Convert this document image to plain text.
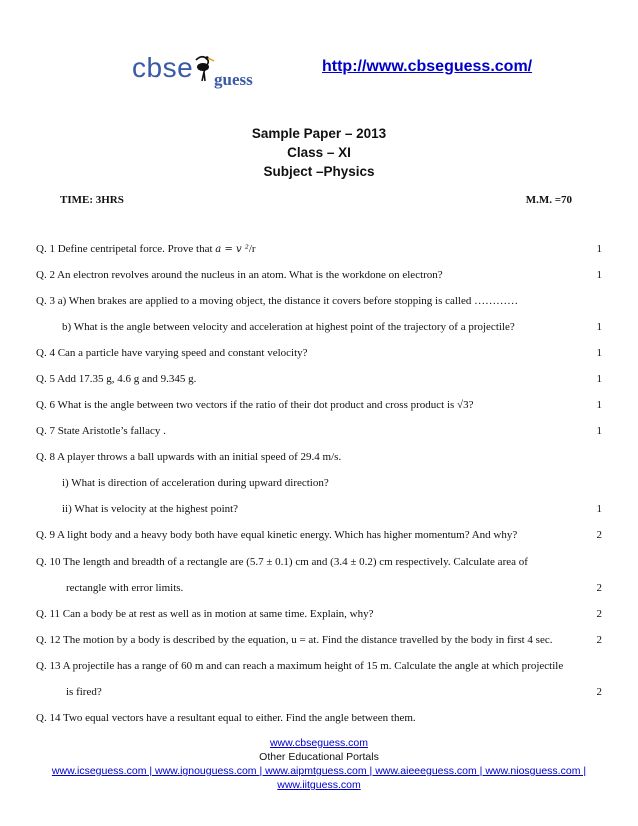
cbse guess
http://www.cbseguess.com/
Sample Paper – 2013
Class – XI
Subject –Physics
TIME: 3HRS	M.M. =70
Q. 1 Define centripetal force. Prove that a = v ²/r	1
Q. 2 An electron revolves around the nucleus in an atom. What is the workdone on electron?	1
Q. 3 a) When brakes are applied to a moving object, the distance it covers before stopping is called …………
b) What is the angle between velocity and acceleration at highest point of the trajectory of a projectile?	1
Q. 4 Can a particle have varying speed and constant velocity?	1
Q. 5 Add 17.35 g, 4.6 g and 9.345 g.	1
Q. 6 What is the angle between two vectors if the ratio of their dot product and cross product is √3?	1
Q. 7 State Aristotle’s fallacy .	1
Q. 8 A player throws a ball upwards with an initial speed of 29.4 m/s.
i) What is direction of acceleration during upward direction?
ii) What is velocity at the highest point?	1
Q. 9 A light body and a heavy body both have equal kinetic energy. Which has higher momentum? And why?	2
Q. 10 The length and breadth of a rectangle are (5.7 ± 0.1) cm and (3.4 ± 0.2) cm respectively. Calculate area of
rectangle with error limits.	2
Q. 11 Can a body be at rest as well as in motion at same time. Explain, why?	2
Q. 12 The motion by a body is described by the equation, u = at. Find the distance travelled by the body in first 4 sec.	2
Q. 13 A projectile has a range of 60 m and can reach a maximum height of 15 m. Calculate the angle at which projectile
is fired?	2
Q. 14 Two equal vectors have a resultant equal to either. Find the angle between them.
www.cbseguess.com
Other Educational Portals
www.icseguess.com | www.ignouguess.com | www.aipmtguess.com | www.aieeeguess.com | www.niosguess.com |
www.iitguess.com
